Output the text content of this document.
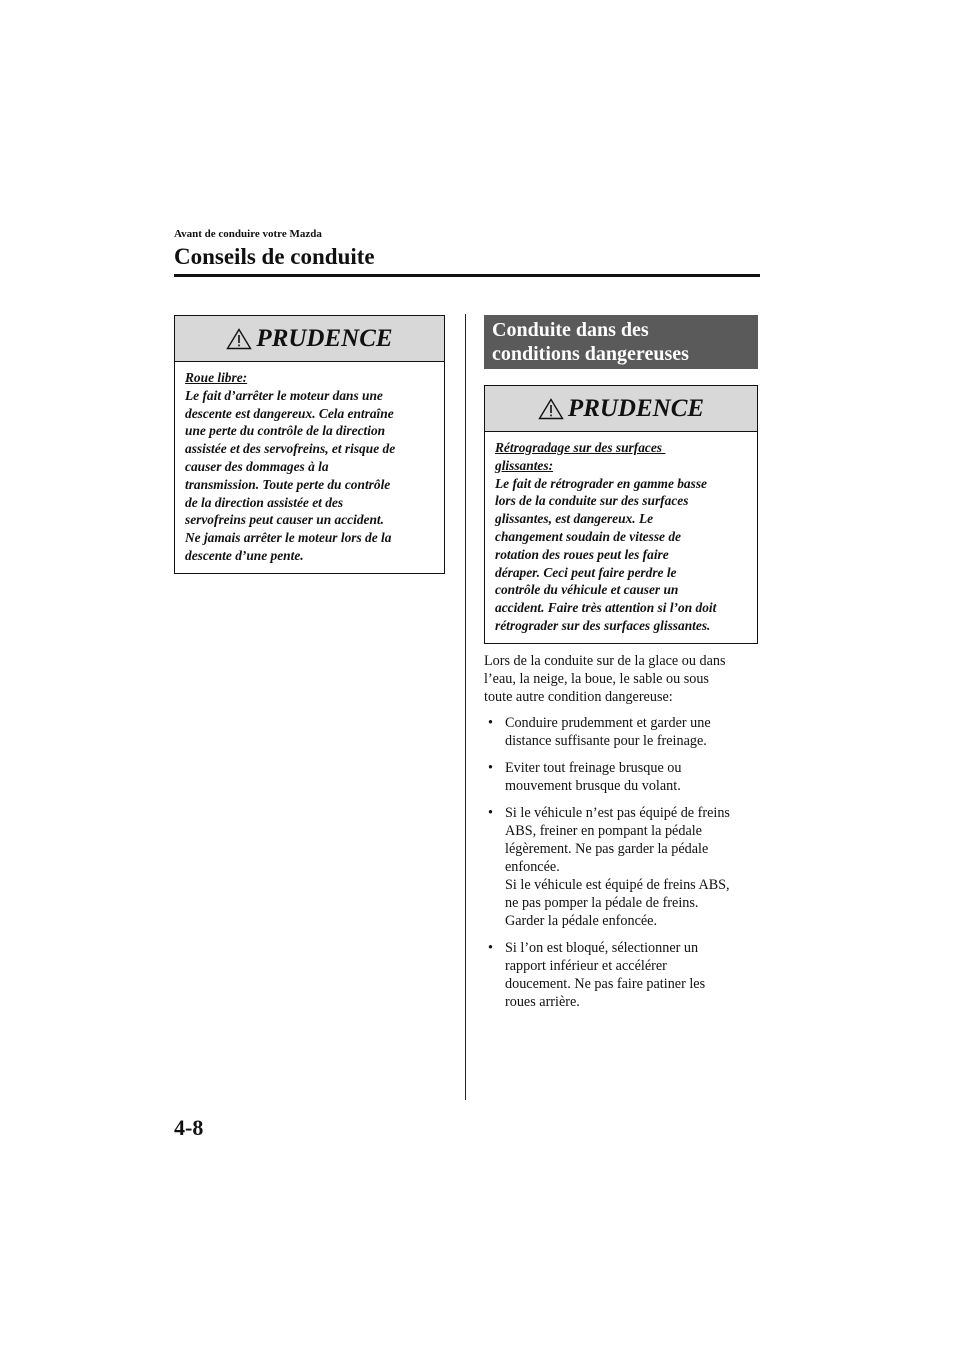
Avant de conduire votre Mazda
Conseils de conduite
PRUDENCE
Roue libre:
Le fait d’arrêter le moteur dans une
descente est dangereux. Cela entraîne
une perte du contrôle de la direction
assistée et des servofreins, et risque de
causer des dommages à la
transmission. Toute perte du contrôle
de la direction assistée et des
servofreins peut causer un accident.
Ne jamais arrêter le moteur lors de la
descente d’une pente.
Conduite dans des
conditions dangereuses
PRUDENCE
Rétrogradage sur des surfaces
glissantes:
Le fait de rétrograder en gamme basse
lors de la conduite sur des surfaces
glissantes, est dangereux. Le
changement soudain de vitesse de
rotation des roues peut les faire
déraper. Ceci peut faire perdre le
contrôle du véhicule et causer un
accident. Faire très attention si l’on doit
rétrograder sur des surfaces glissantes.

Lors de la conduite sur de la glace ou dans
l’eau, la neige, la boue, le sable ou sous
toute autre condition dangereuse:

• Conduire prudemment et garder une
distance suffisante pour le freinage.
• Eviter tout freinage brusque ou
mouvement brusque du volant.
• Si le véhicule n’est pas équipé de freins
ABS, freiner en pompant la pédale
légèrement. Ne pas garder la pédale
enfoncée.
Si le véhicule est équipé de freins ABS,
ne pas pomper la pédale de freins.
Garder la pédale enfoncée.
• Si l’on est bloqué, sélectionner un
rapport inférieur et accélérer
doucement. Ne pas faire patiner les
roues arrière.
4-8
